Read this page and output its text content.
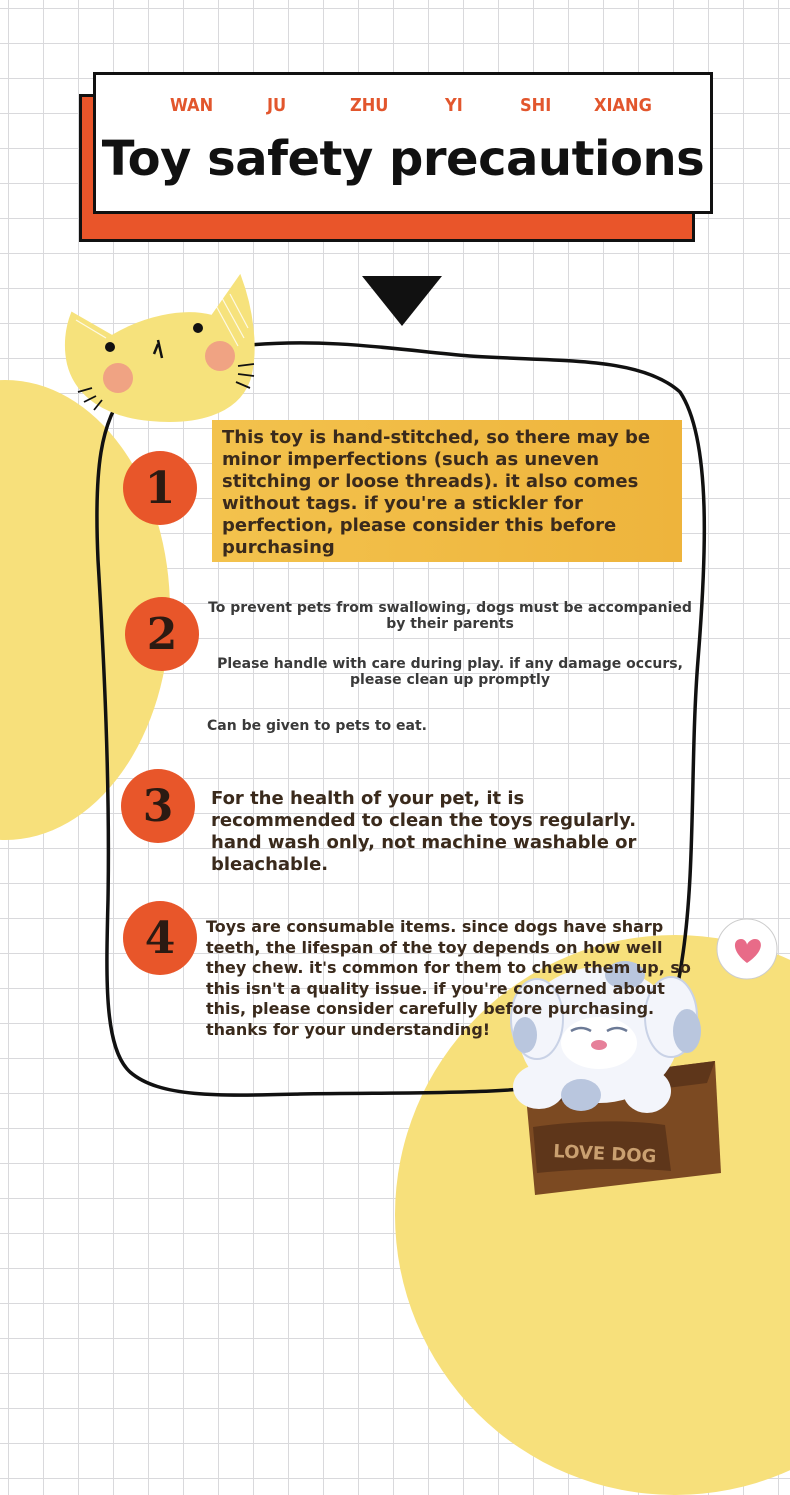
WAN	JU	ZHU	YI	SHI XIANG
Toy safety precautions
1
2
3
4
This toy is hand-stitched, so there may be minor imperfections (such as uneven stitching or loose threads). it also comes without tags. if you're a stickler for perfection, please consider this before purchasing
To prevent pets from swallowing, dogs must be accompanied by their parents
Please handle with care during play. if any damage occurs, please clean up promptly
Can be given to pets to eat.
For the health of your pet, it is recommended to clean the toys regularly. hand wash only, not machine washable or bleachable.
LOVE DOG
Toys are consumable items. since dogs have sharp teeth, the lifespan of the toy depends on how well they chew. it's common for them to chew them up, so this isn't a quality issue. if you're concerned about this, please consider carefully before purchasing. thanks for your understanding!
